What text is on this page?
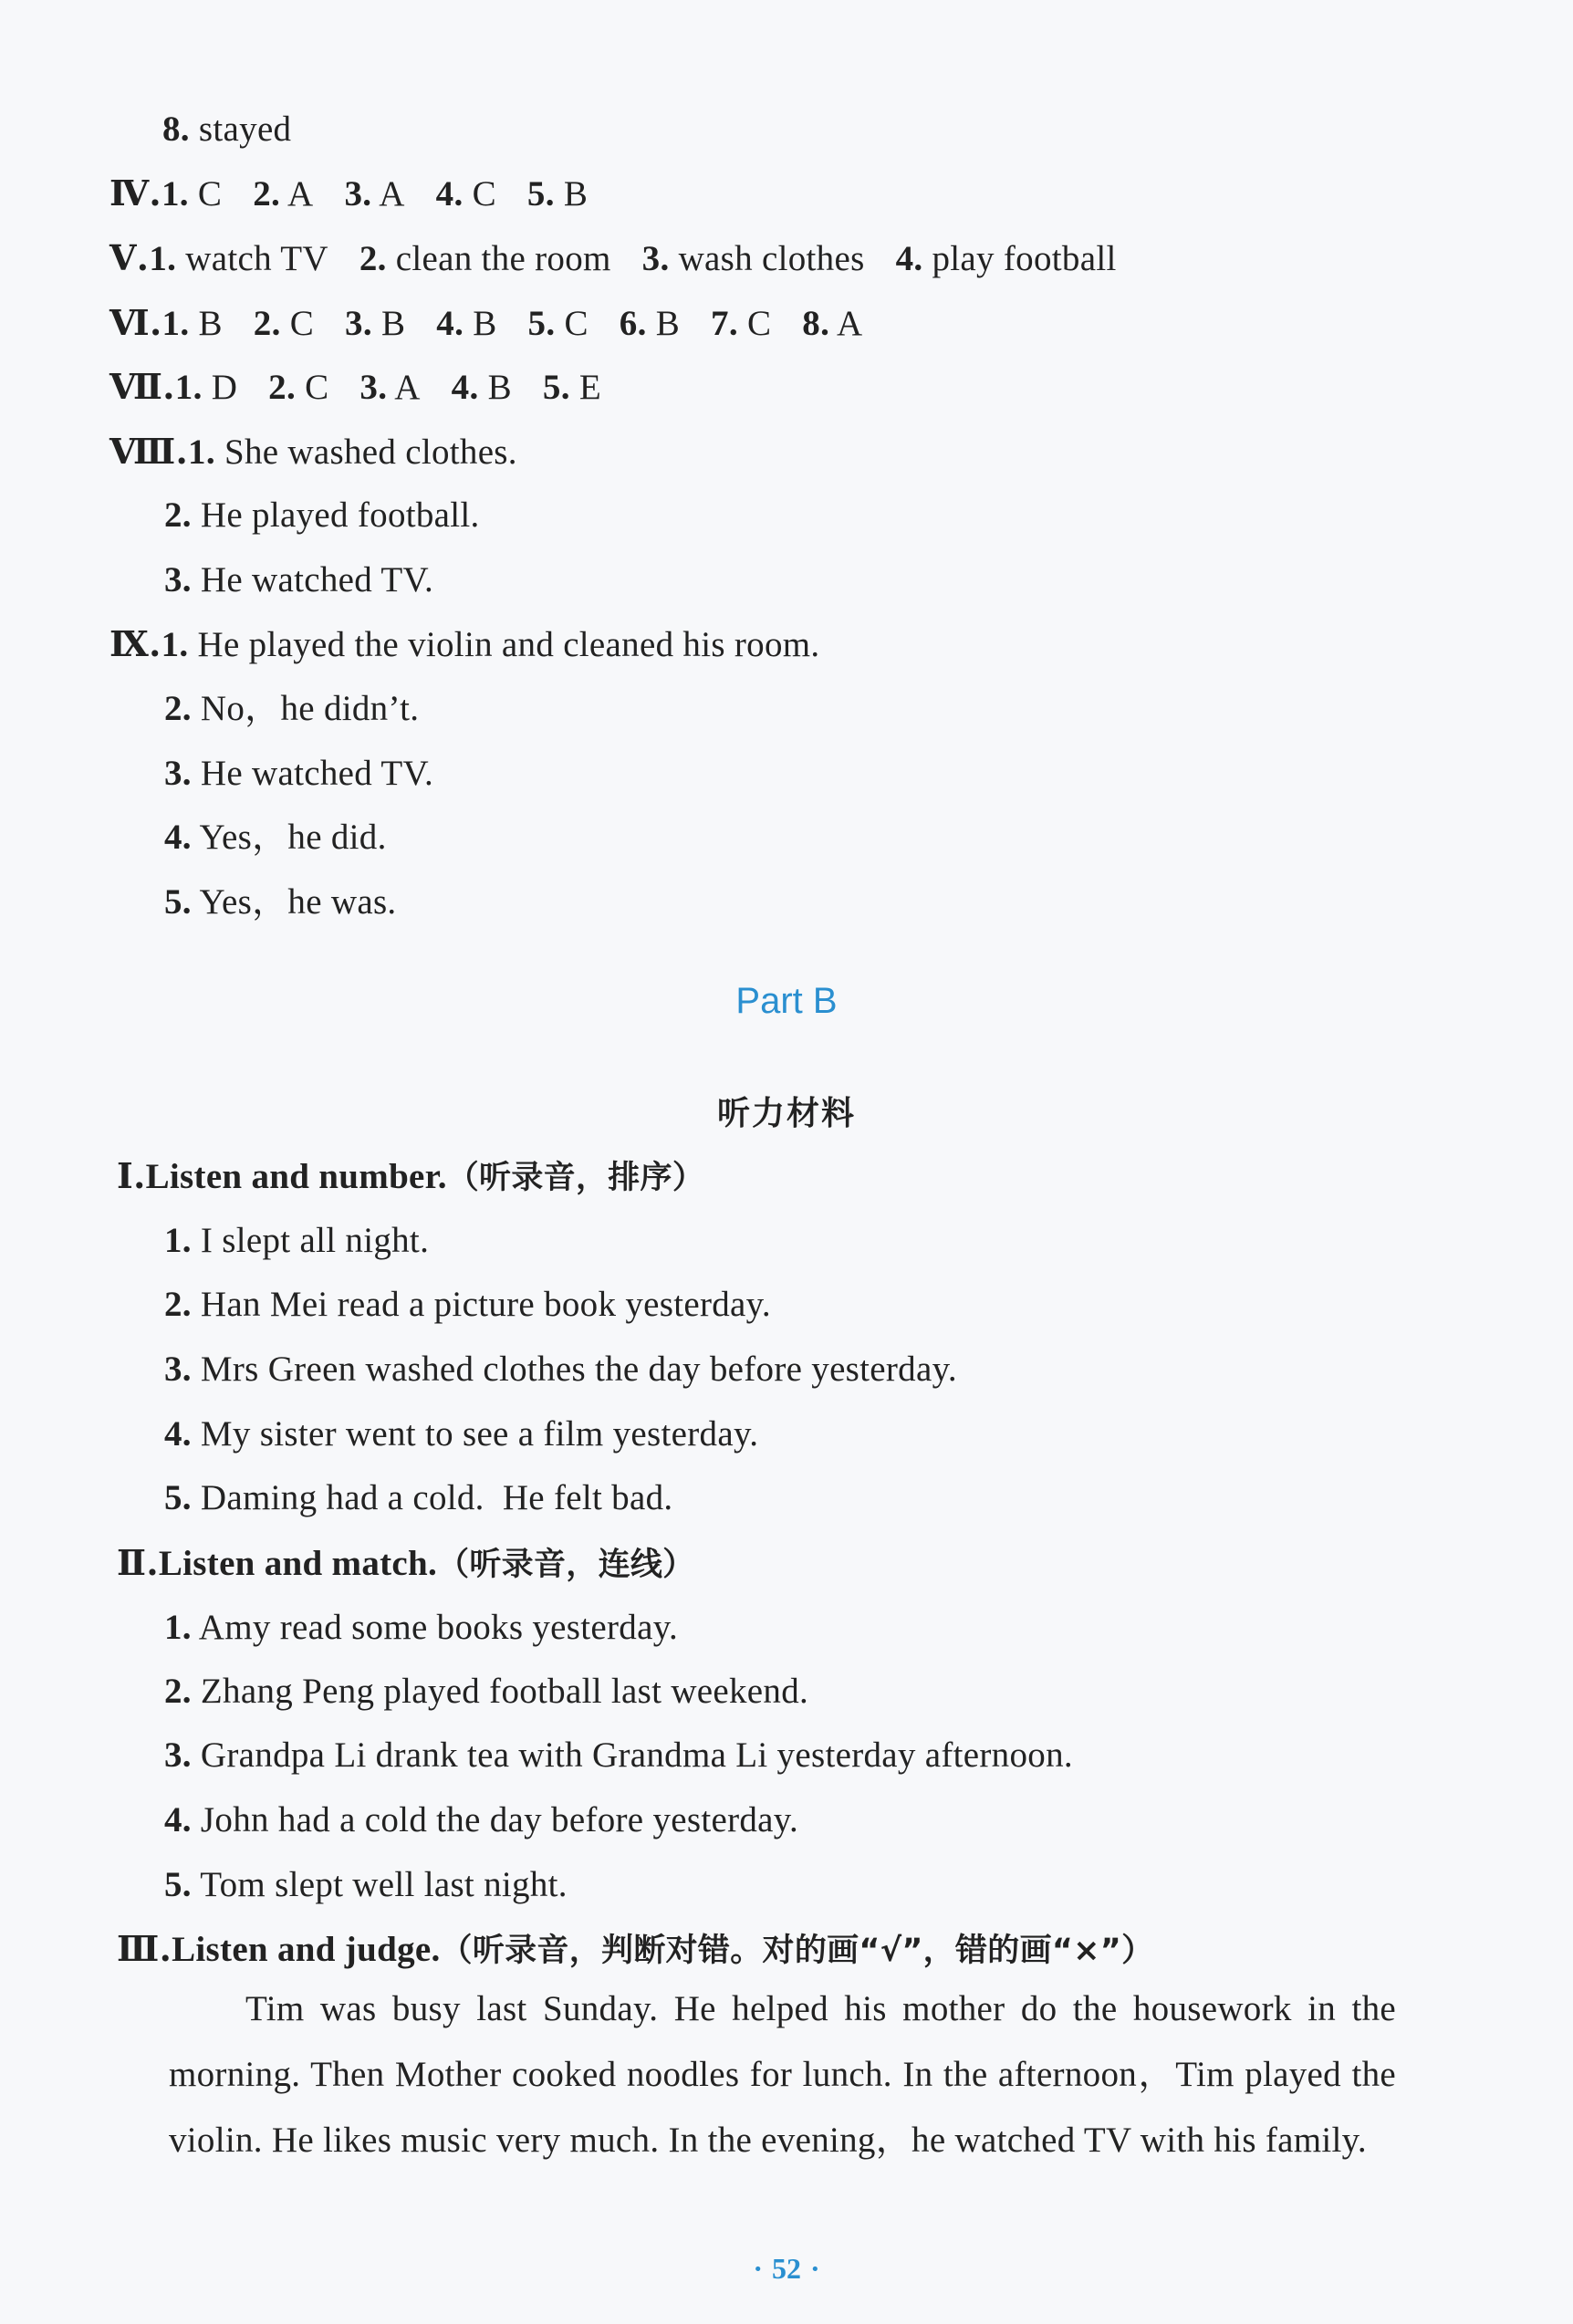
8. stayed
Ⅳ.1. C 2. A 3. A 4. C 5. B
Ⅴ.1. watch TV 2. clean the room 3. wash clothes 4. play football
Ⅵ.1. B 2. C 3. B 4. B 5. C 6. B 7. C 8. A
Ⅶ.1. D 2. C 3. A 4. B 5. E
Ⅷ.1. She washed clothes.
2. He played football.
3. He watched TV.
Ⅸ.1. He played the violin and cleaned his room.
2. No，he didn’t.
3. He watched TV.
4. Yes，he did.
5. Yes，he was.
Part B
听力材料
Ⅰ.Listen and number.（听录音，排序）
1. I slept all night.
2. Han Mei read a picture book yesterday.
3. Mrs Green washed clothes the day before yesterday.
4. My sister went to see a film yesterday.
5. Daming had a cold.  He felt bad.
Ⅱ.Listen and match.（听录音，连线）
1. Amy read some books yesterday.
2. Zhang Peng played football last weekend.
3. Grandpa Li drank tea with Grandma Li yesterday afternoon.
4. John had a cold the day before yesterday.
5. Tom slept well last night.
Ⅲ.Listen and judge.（听录音，判断对错。对的画“√”，错的画“×”）
Tim was busy last Sunday. He helped his mother do the housework in the morning. Then Mother cooked noodles for lunch. In the afternoon，Tim played the violin. He likes music very much. In the evening，he watched TV with his family.
· 52 ·
